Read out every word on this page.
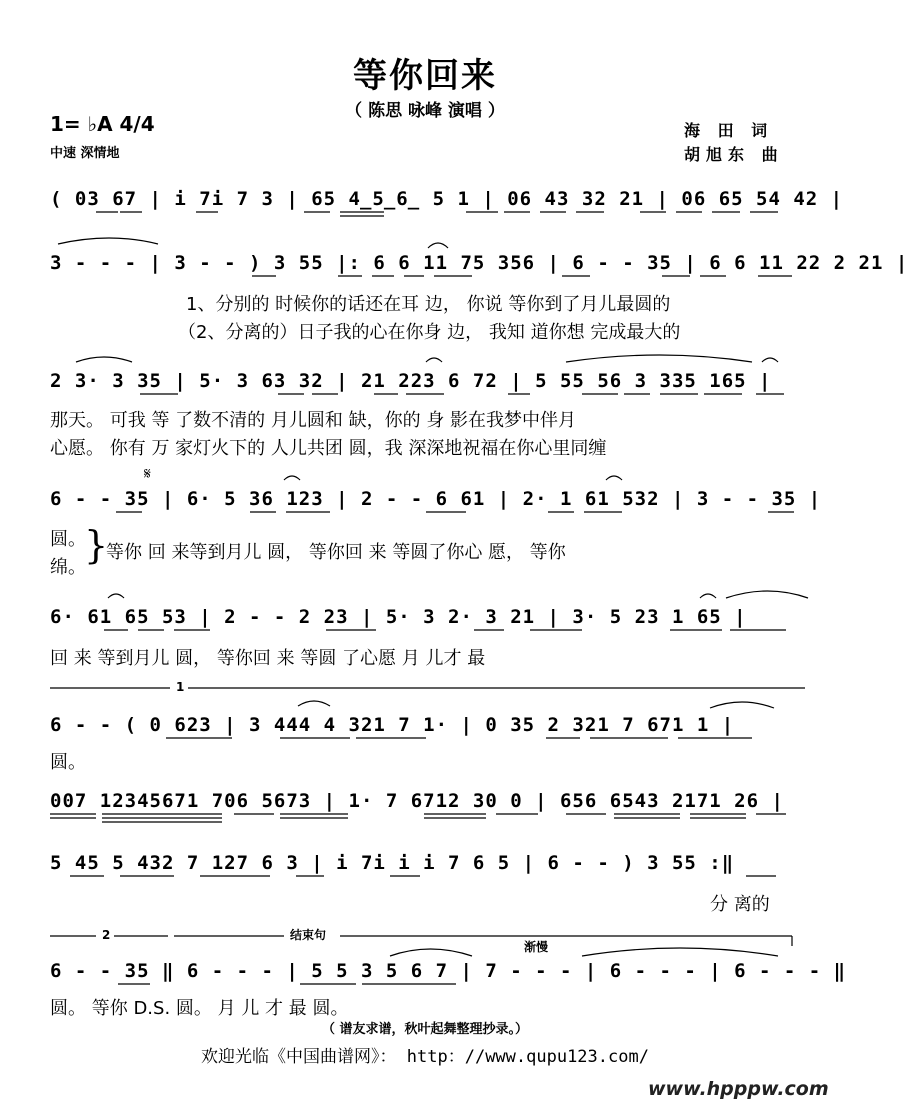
等你回来
（ 陈思 咏峰 演唱 ）
1= ♭A 4/4
中速 深情地
海 田 词
胡旭东 曲
( 03 67 | i 7i 7 3 | 65 4̲5̲6̲ 5 1 | 06 43 32 21 | 06 65 54 42 |
3 - - - | 3 - - ) 3 55 |: 6 6 11 75 356 | 6 - - 35 | 6 6 11 22 2 21 |
1、分别的 时候你的话还在耳 边， 你说 等你到了月儿最圆的
（2、分离的）日子我的心在你身 边， 我知 道你想 完成最大的
2 3· 3 35 | 5· 3 63 32 | 21 223 6 72 | 5 55 56 3 335 165 |
那天。 可我 等 了数不清的 月儿圆和 缺，你的 身 影在我梦中伴月
心愿。 你有 万 家灯火下的 人儿共团 圆，我 深深地祝福在你心里同缠
𝄋
6 - - 35 | 6· 5 36 123 | 2 - - 6 61 | 2· 1 61 532 | 3 - - 35 |
圆。
绵。
}
等你 回 来等到月儿 圆， 等你回 来 等圆了你心 愿， 等你
6· 61 65 53 | 2 - - 2 23 | 5· 3 2· 3 21 | 3· 5 23 1 65 |
回 来 等到月儿 圆， 等你回 来 等圆 了心愿 月 儿才 最
1
6 - - ( 0 623 | 3 444 4 321 7 1· | 0 35 2 321 7 671 1 |
圆。
007 12345671 706 5673 | 1· 7 6712 30 0 | 656 6543 2171 26 |
5 45 5 432 7 127 6 3 | i 7i i i 7 6 5 | 6 - - ) 3 55 :‖
分 离的
2	结束句
渐慢
6 - - 35 ‖ 6 - - - | 5 5 3 5 6 7 | 7 - - - | 6 - - - | 6 - - - ‖
圆。 等你 D.S. 圆。 月 儿 才 最 圆。
（ 谱友求谱，秋叶起舞整理抄录。）
欢迎光临《中国曲谱网》： http：//www.qupu123.com/
www.hpppw.com
